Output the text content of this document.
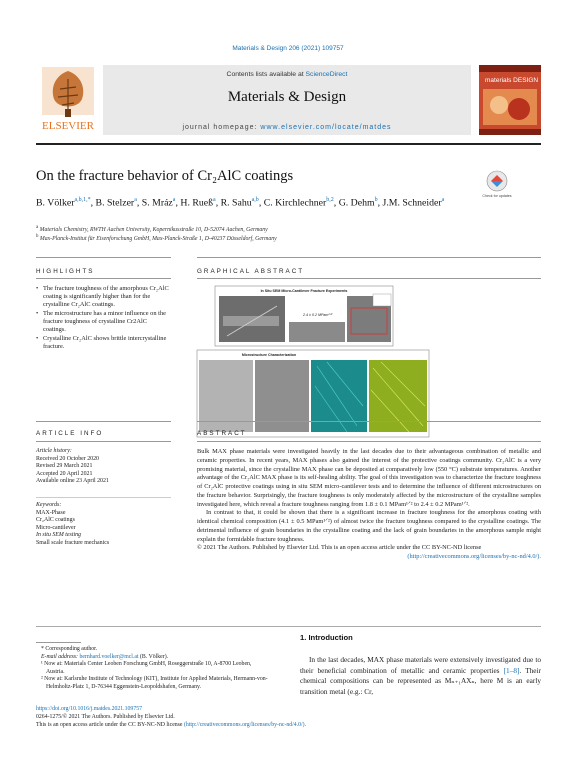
Materials & Design 206 (2021) 109757
ELSEVIER
Contents lists available at ScienceDirect
Materials & Design
journal homepage: www.elsevier.com/locate/matdes
materials DESIGN
On the fracture behavior of Cr₂AlC coatings
Check for updates
B. Völker$^{a,b,1,*}$, B. Stelzer$^a$, S. Mráz$^a$, H. Rueß$^a$, R. Sahu$^{a,b}$, C. Kirchlechner$^{b,2}$, G. Dehm$^b$, J.M. Schneider$^a$
$^a$ Materials Chemistry, RWTH Aachen University, Kopernikusstraße 10, D-52074 Aachen, Germany
$^b$ Max-Planck-Institut für Eisenforschung GmbH, Max-Planck-Straße 1, D-40237 Düsseldorf, Germany
HIGHLIGHTS	GRAPHICAL ABSTRACT
• The fracture toughness of the amorphous Cr₂AlC coating is significantly higher than for the crystalline Cr₂AlC coatings.
• The microstructure has a minor influence on the fracture toughness of crystalline Cr2AlC coatings.
• Crystalline Cr₂AlC shows brittle intercrystalline fracture.
In Situ SEM Micro-Cantilever Fracture Experiments
2.4 ± 0.2 MPam¹ᐟ²
Microstructure Characterization
ARTICLE INFO	ABSTRACT
Article history:
Received 20 October 2020
Revised 29 March 2021
Accepted 20 April 2021
Available online 23 April 2021
Keywords:
MAX-Phase
Cr₂AlC coatings
Micro-cantilever
In situ SEM testing
Small scale fracture mechanics

Bulk MAX phase materials were investigated heavily in the last decades due to their advantageous combination of metallic and ceramic properties. In recent years, MAX phases also gained the interest of the protective coatings community. Cr₂AlC is a very promising material, since the crystalline MAX phase can be deposited at comparatively low (550 °C) substrate temperatures. Another advantage of the Cr₂AlC MAX phase is its self-healing ability. The goal of this investigation was to characterize the fracture toughness of Cr₂AlC protective coatings using in situ SEM micro-cantilever tests and to determine the influence of different microstructures on the fracture behavior. Surprisingly, the fracture toughness is only moderately affected by the microstructure of the crystalline samples investigated here, which reveal a fracture toughness ranging from 1.8 ± 0.1 MPam¹ᐟ² to 2.4 ± 0.2 MPam¹ᐟ².

In contrast to that, it could be shown that there is a significant increase in fracture toughness for the amorphous coating with identical chemical composition (4.1 ± 0.5 MPam¹ᐟ²) of almost twice the fracture toughness compared to the crystalline coatings. The detrimental influence of grain boundaries in the crystalline coating and the lack of grain boundaries in the amorphous sample might explain the formidable fracture toughness.

© 2021 The Authors. Published by Elsevier Ltd. This is an open access article under the CC BY-NC-ND license

(http://creativecommons.org/licenses/by-nc-nd/4.0/).

* Corresponding author.
E-mail address: bernhard.voelker@mcl.at (B. Völker).
¹ Now at: Materials Center Leoben Forschung GmbH, Roseggerstraße 10, A-8700 Leoben, Austria.
² Now at: Karlsruhe Institute of Technology (KIT), Institute for Applied Materials, Hermann-von-Helmholtz-Platz 1, D-76344 Eggenstein-Leopoldshafen, Germany.
1. Introduction
In the last decades, MAX phase materials were extensively investigated due to their beneficial combination of metallic and ceramic properties [1–8]. Their chemical compositions can be represented as Mₙ₊₁AXₙ, here M is an early transition metal (e.g.: Cr,
https://doi.org/10.1016/j.matdes.2021.109757
0264-1275/© 2021 The Authors. Published by Elsevier Ltd.
This is an open access article under the CC BY-NC-ND license (http://creativecommons.org/licenses/by-nc-nd/4.0/).
